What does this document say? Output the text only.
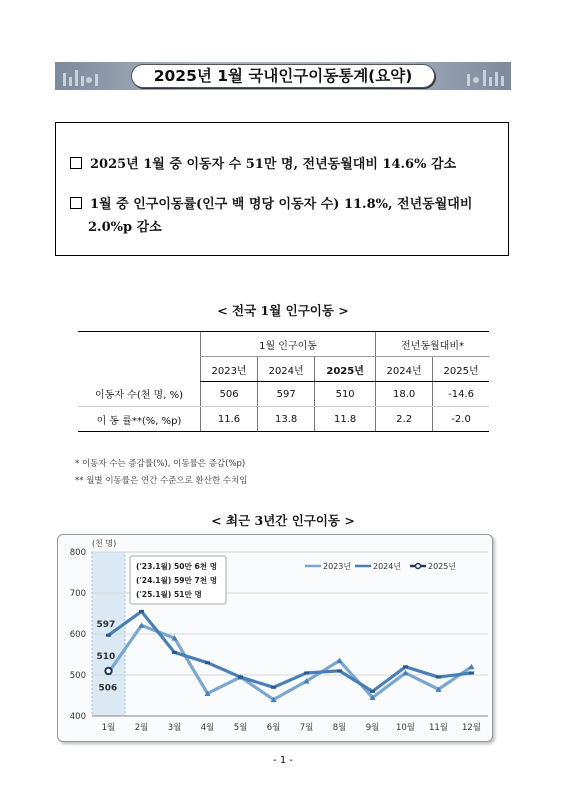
2025년 1월 국내인구이동통계(요약)
2025년 1월 중 이동자 수 51만 명, 전년동월대비 14.6% 감소
1월 중 인구이동률(인구 백 명당 이동자 수) 11.8%, 전년동월대비
2.0%p 감소
< 전국 1월 인구이동 >
	1월 인구이동			전년동월대비*	
	2023년	2024년	2025년	2024년	2025년
이동자 수(천 명, %)	506	597	510	18.0	-14.6
이 동 률**(%, %p)	11.6	13.8	11.8	2.2	-2.0
* 이동자 수는 증감률(%), 이동률은 증감(%p)
** 월별 이동률은 연간 수준으로 환산한 수치임
< 최근 3년간 인구이동 >
400
500
600
700
800
(천 명)
1월 2월 3월 4월 5월 6월 7월 8월 9월 10월 11월 12월
597
510
506
('23.1월) 50만 6천 명
('24.1월) 59만 7천 명
('25.1월) 51만 명
2023년	2024년	2025년
- 1 -
